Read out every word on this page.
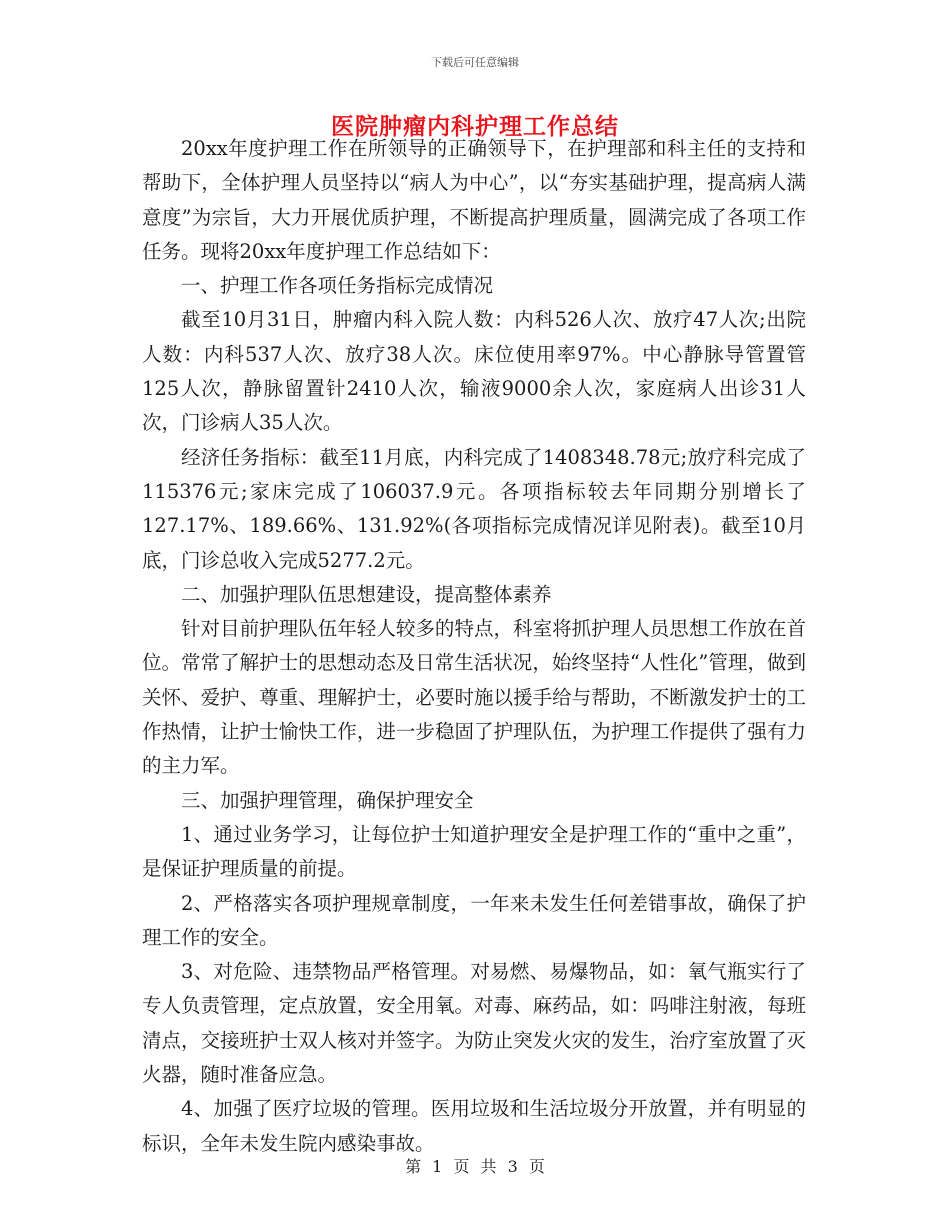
下载后可任意编辑
医院肿瘤内科护理工作总结

20xx年度护理工作在所领导的正确领导下，在护理部和科主任的支持和帮助下，全体护理人员坚持以“病人为中心”，以“夯实基础护理，提高病人满意度”为宗旨，大力开展优质护理，不断提高护理质量，圆满完成了各项工作任务。现将20xx年度护理工作总结如下：

一、护理工作各项任务指标完成情况

截至10月31日，肿瘤内科入院人数：内科526人次、放疗47人次;出院人数：内科537人次、放疗38人次。床位使用率97%。中心静脉导管置管125人次，静脉留置针2410人次，输液9000余人次，家庭病人出诊31人次，门诊病人35人次。

经济任务指标：截至11月底，内科完成了1408348.78元;放疗科完成了115376元;家床完成了106037.9元。各项指标较去年同期分别增长了127.17%、189.66%、131.92%(各项指标完成情况详见附表)。截至10月底，门诊总收入完成5277.2元。

二、加强护理队伍思想建设，提高整体素养

针对目前护理队伍年轻人较多的特点，科室将抓护理人员思想工作放在首位。常常了解护士的思想动态及日常生活状况，始终坚持“人性化”管理，做到关怀、爱护、尊重、理解护士，必要时施以援手给与帮助，不断激发护士的工作热情，让护士愉快工作，进一步稳固了护理队伍，为护理工作提供了强有力的主力军。

三、加强护理管理，确保护理安全

1、通过业务学习，让每位护士知道护理安全是护理工作的“重中之重”，是保证护理质量的前提。

2、严格落实各项护理规章制度，一年来未发生任何差错事故，确保了护理工作的安全。

3、对危险、违禁物品严格管理。对易燃、易爆物品，如：氧气瓶实行了专人负责管理，定点放置，安全用氧。对毒、麻药品，如：吗啡注射液，每班清点，交接班护士双人核对并签字。为防止突发火灾的发生，治疗室放置了灭火器，随时准备应急。

4、加强了医疗垃圾的管理。医用垃圾和生活垃圾分开放置，并有明显的标识，全年未发生院内感染事故。

第 1 页 共 3 页
